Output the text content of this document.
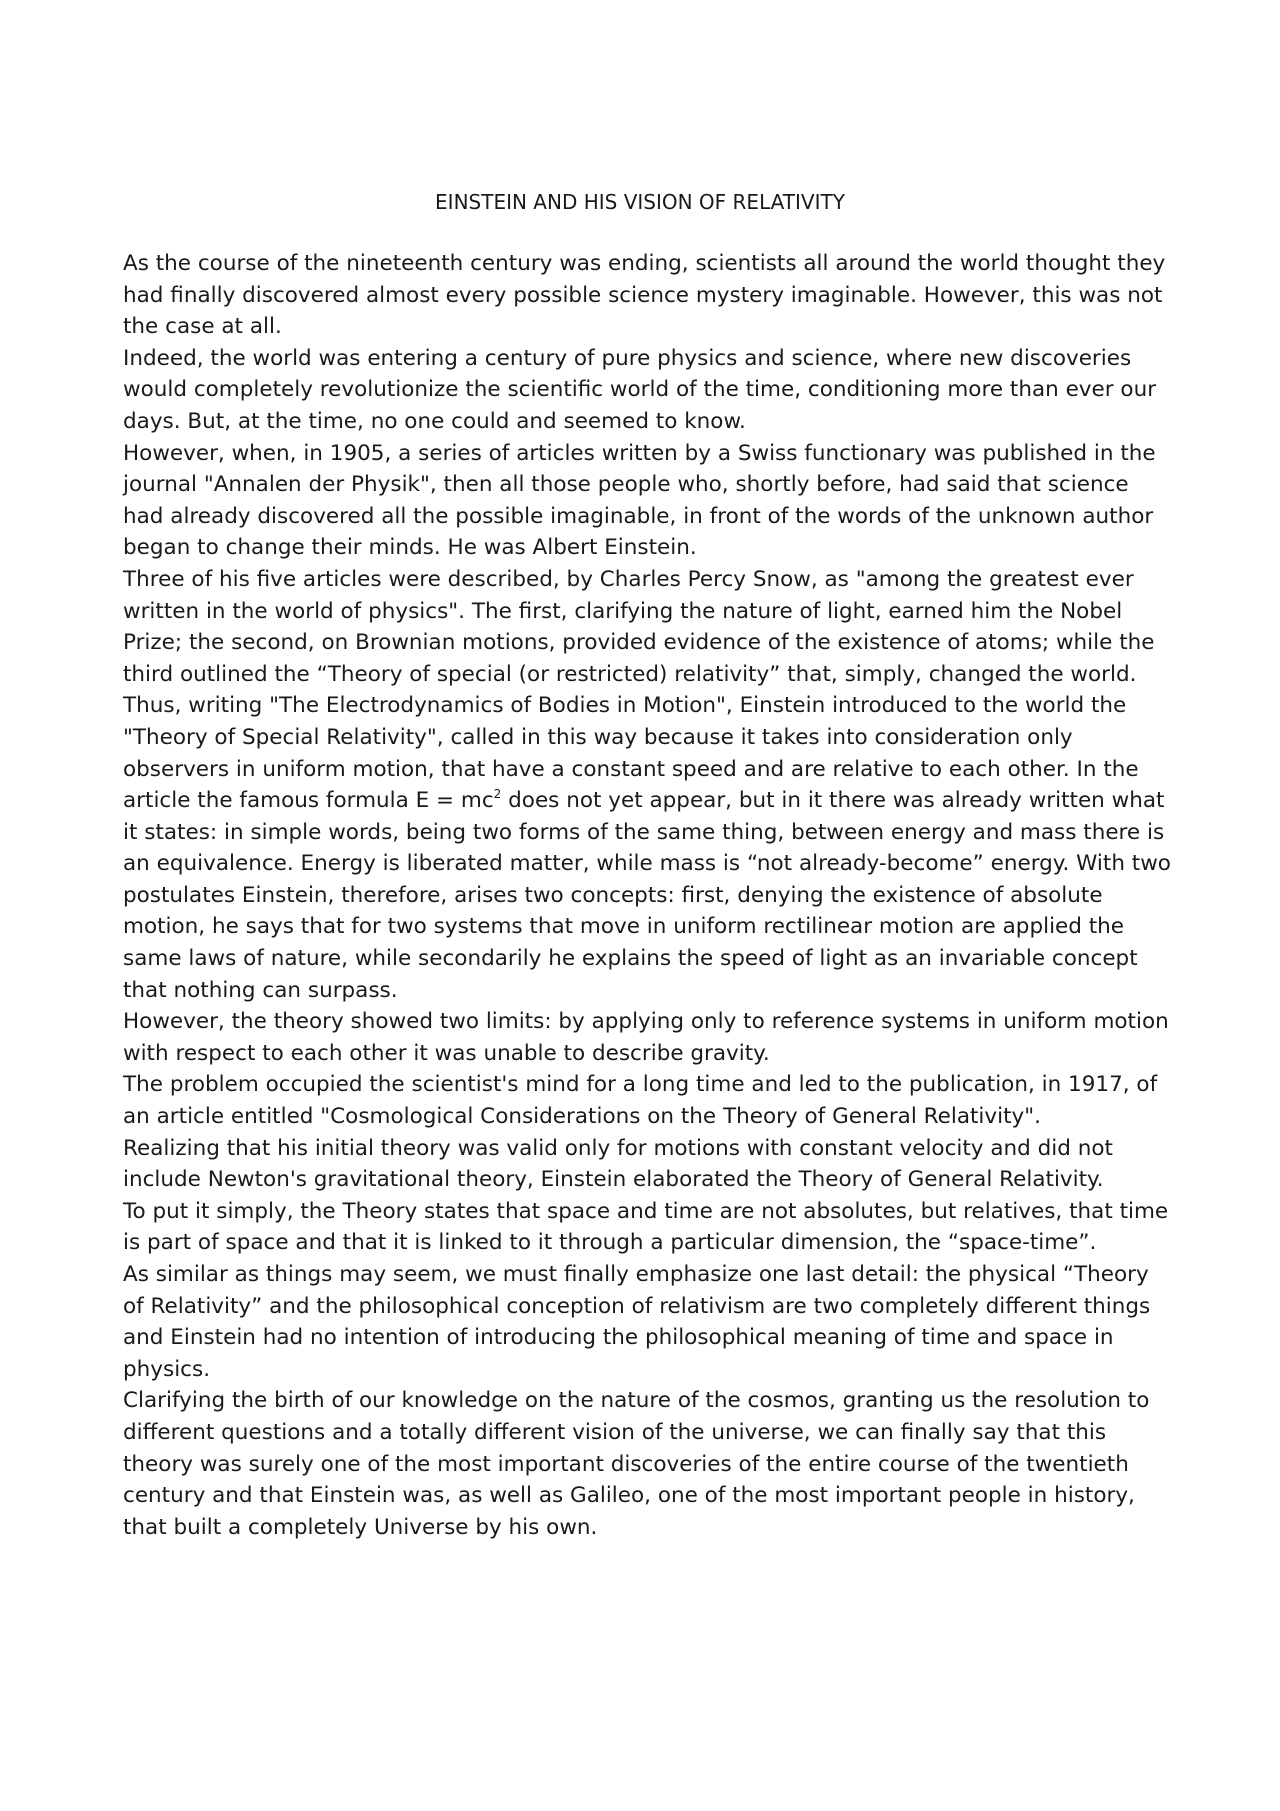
EINSTEIN AND HIS VISION OF RELATIVITY

As the course of the nineteenth century was ending, scientists all around the world thought they had finally discovered almost every possible science mystery imaginable. However, this was not the case at all.

Indeed, the world was entering a century of pure physics and science, where new discoveries would completely revolutionize the scientific world of the time, conditioning more than ever our days. But, at the time, no one could and seemed to know.

However, when, in 1905, a series of articles written by a Swiss functionary was published in the journal "Annalen der Physik", then all those people who, shortly before, had said that science had already discovered all the possible imaginable, in front of the words of the unknown author began to change their minds. He was Albert Einstein.

Three of his five articles were described, by Charles Percy Snow, as "among the greatest ever written in the world of physics". The first, clarifying the nature of light, earned him the Nobel Prize; the second, on Brownian motions, provided evidence of the existence of atoms; while the third outlined the “Theory of special (or restricted) relativity” that, simply, changed the world.

Thus, writing "The Electrodynamics of Bodies in Motion", Einstein introduced to the world the "Theory of Special Relativity", called in this way because it takes into consideration only observers in uniform motion, that have a constant speed and are relative to each other. In the article the famous formula $E = mc^2$ does not yet appear, but in it there was already written what it states: in simple words, being two forms of the same thing, between energy and mass there is an equivalence. Energy is liberated matter, while mass is “not already-become” energy. With two postulates Einstein, therefore, arises two concepts: first, denying the existence of absolute motion, he says that for two systems that move in uniform rectilinear motion are applied the same laws of nature, while secondarily he explains the speed of light as an invariable concept that nothing can surpass.

However, the theory showed two limits: by applying only to reference systems in uniform motion with respect to each other it was unable to describe gravity.

The problem occupied the scientist's mind for a long time and led to the publication, in 1917, of an article entitled "Cosmological Considerations on the Theory of General Relativity".

Realizing that his initial theory was valid only for motions with constant velocity and did not include Newton's gravitational theory, Einstein elaborated the Theory of General Relativity.

To put it simply, the Theory states that space and time are not absolutes, but relatives, that time is part of space and that it is linked to it through a particular dimension, the “space-time”.

As similar as things may seem, we must finally emphasize one last detail: the physical “Theory of Relativity” and the philosophical conception of relativism are two completely different things and Einstein had no intention of introducing the philosophical meaning of time and space in physics.

Clarifying the birth of our knowledge on the nature of the cosmos, granting us the resolution to different questions and a totally different vision of the universe, we can finally say that this theory was surely one of the most important discoveries of the entire course of the twentieth century and that Einstein was, as well as Galileo, one of the most important people in history, that built a completely Universe by his own.
